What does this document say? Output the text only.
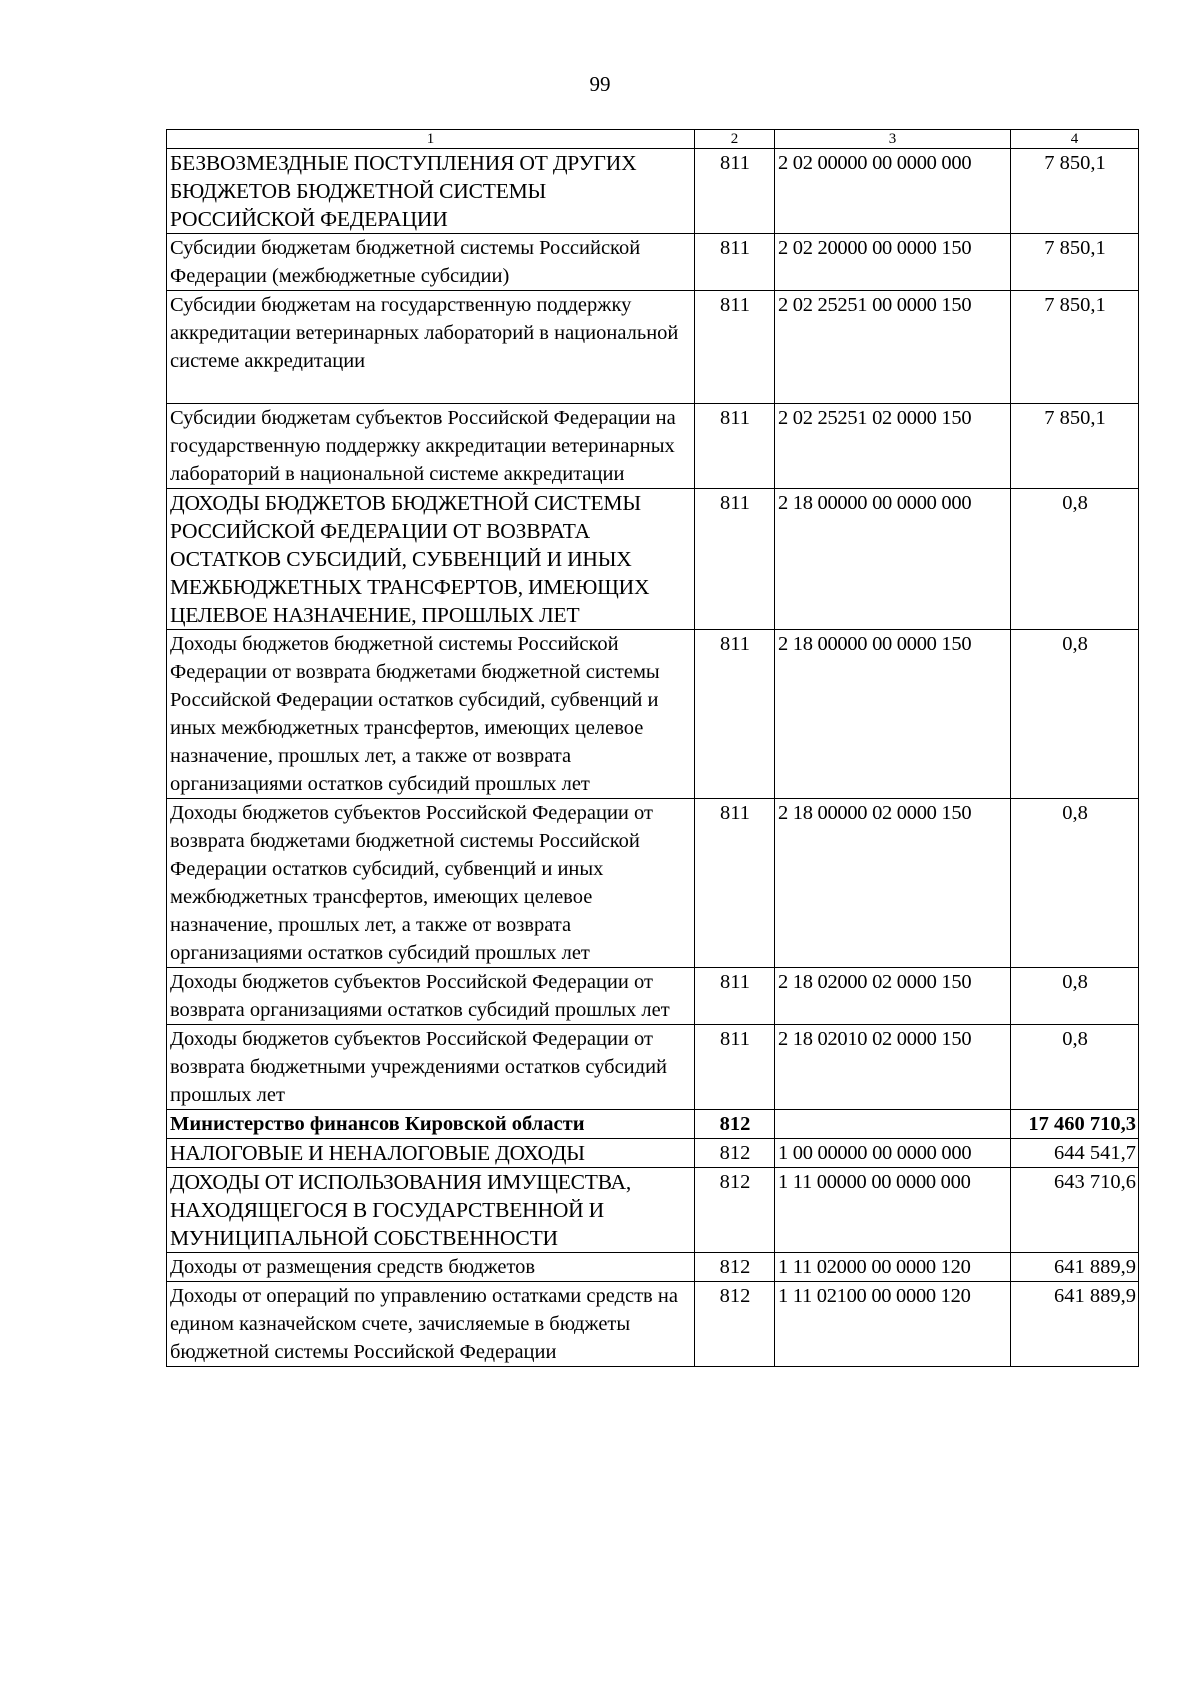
99
1	2	3	4
БЕЗВОЗМЕЗДНЫЕ ПОСТУПЛЕНИЯ ОТ ДРУГИХ БЮДЖЕТОВ БЮДЖЕТНОЙ СИСТЕМЫ РОССИЙСКОЙ ФЕДЕРАЦИИ	811	2 02 00000 00 0000 000	7 850,1
Субсидии бюджетам бюджетной системы Российской Федерации (межбюджетные субсидии)	811	2 02 20000 00 0000 150	7 850,1
Субсидии бюджетам на государственную поддержку аккредитации ветеринарных лабораторий в национальной системе аккредитации	811	2 02 25251 00 0000 150	7 850,1
Субсидии бюджетам субъектов Российской Федерации на государственную поддержку аккредитации ветеринарных лабораторий в национальной системе аккредитации	811	2 02 25251 02 0000 150	7 850,1
ДОХОДЫ БЮДЖЕТОВ БЮДЖЕТНОЙ СИСТЕМЫ РОССИЙСКОЙ ФЕДЕРАЦИИ ОТ ВОЗВРАТА ОСТАТКОВ СУБСИДИЙ, СУБВЕНЦИЙ И ИНЫХ МЕЖБЮДЖЕТНЫХ ТРАНСФЕРТОВ, ИМЕЮЩИХ ЦЕЛЕВОЕ НАЗНАЧЕНИЕ, ПРОШЛЫХ ЛЕТ	811	2 18 00000 00 0000 000	0,8
Доходы бюджетов бюджетной системы Российской Федерации от возврата бюджетами бюджетной системы Российской Федерации остатков субсидий, субвенций и иных межбюджетных трансфертов, имеющих целевое назначение, прошлых лет, а также от возврата организациями остатков субсидий прошлых лет	811	2 18 00000 00 0000 150	0,8
Доходы бюджетов субъектов Российской Федерации от возврата бюджетами бюджетной системы Российской Федерации остатков субсидий, субвенций и иных межбюджетных трансфертов, имеющих целевое назначение, прошлых лет, а также от возврата организациями остатков субсидий прошлых лет	811	2 18 00000 02 0000 150	0,8
Доходы бюджетов субъектов Российской Федерации от возврата организациями остатков субсидий прошлых лет	811	2 18 02000 02 0000 150	0,8
Доходы бюджетов субъектов Российской Федерации от возврата бюджетными учреждениями остатков субсидий прошлых лет	811	2 18 02010 02 0000 150	0,8
Министерство финансов Кировской области	812		17 460 710,3
НАЛОГОВЫЕ И НЕНАЛОГОВЫЕ ДОХОДЫ	812	1 00 00000 00 0000 000	644 541,7
ДОХОДЫ ОТ ИСПОЛЬЗОВАНИЯ ИМУЩЕСТВА, НАХОДЯЩЕГОСЯ В ГОСУДАРСТВЕННОЙ И МУНИЦИПАЛЬНОЙ СОБСТВЕННОСТИ	812	1 11 00000 00 0000 000	643 710,6
Доходы от размещения средств бюджетов	812	1 11 02000 00 0000 120	641 889,9
Доходы от операций по управлению остатками средств на едином казначейском счете, зачисляемые в бюджеты бюджетной системы Российской Федерации	812	1 11 02100 00 0000 120	641 889,9
